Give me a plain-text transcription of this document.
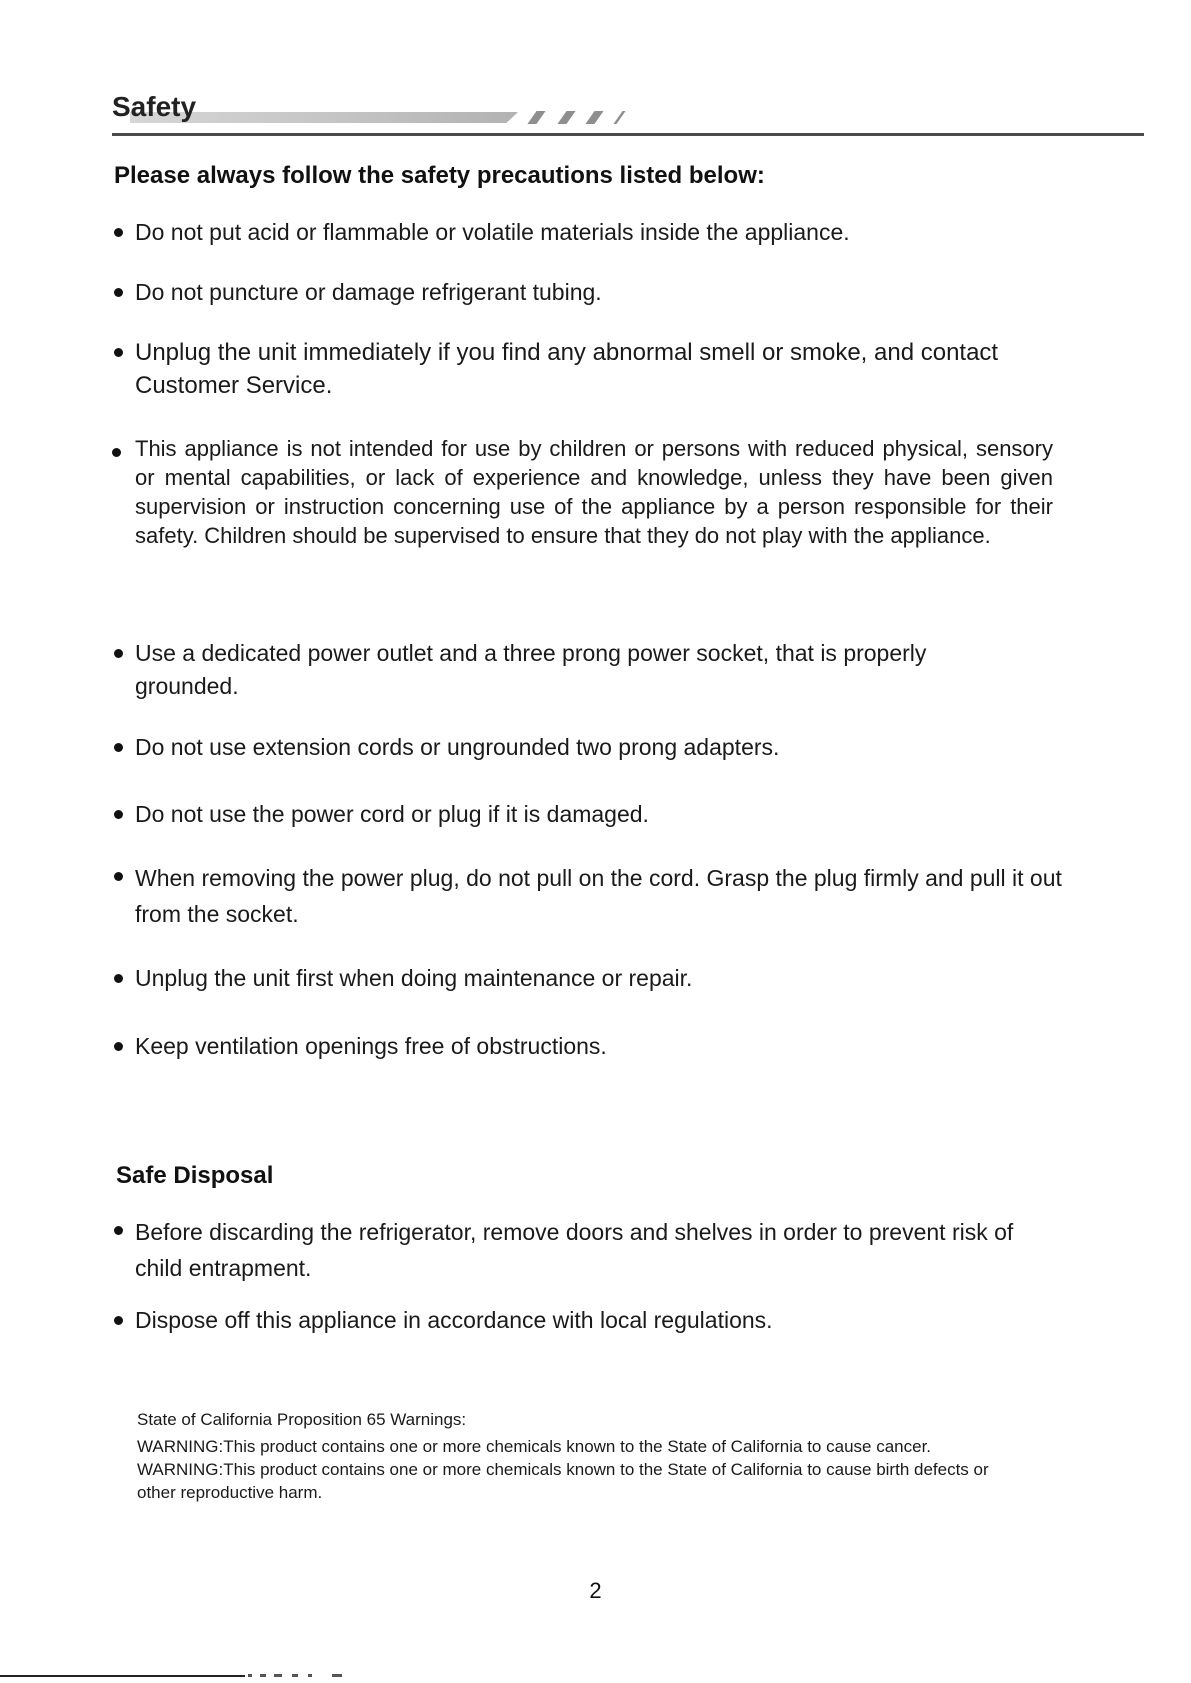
Safety
Please always follow the safety precautions listed below:
Do not put acid or flammable or volatile materials inside the appliance.
Do not puncture or damage refrigerant tubing.
Unplug the unit immediately if you find any abnormal smell or smoke, and contact Customer Service.
This appliance is not intended for use by children or persons with reduced physical, sensory or mental capabilities, or lack of experience and knowledge, unless they have been given supervision or instruction concerning use of the appliance by a person responsible for their safety. Children should be supervised to ensure that they do not play with the appliance.
Use a dedicated power outlet and a three prong power socket, that is properly grounded.
Do not use extension cords or ungrounded two prong adapters.
Do not use the power cord or plug if it is damaged.
When removing the power plug, do not pull on the cord. Grasp the plug firmly and pull it out from the socket.
Unplug the unit first when doing maintenance or repair.
Keep ventilation openings free of obstructions.
Safe Disposal
Before discarding the refrigerator, remove doors and shelves in order to prevent risk of child entrapment.
Dispose off this appliance in accordance with local regulations.
State of California Proposition 65 Warnings:
WARNING:This product contains one or more chemicals known to the State of California to cause cancer.
WARNING:This product contains one or more chemicals known to the State of California to cause birth defects or
other reproductive harm.
2
